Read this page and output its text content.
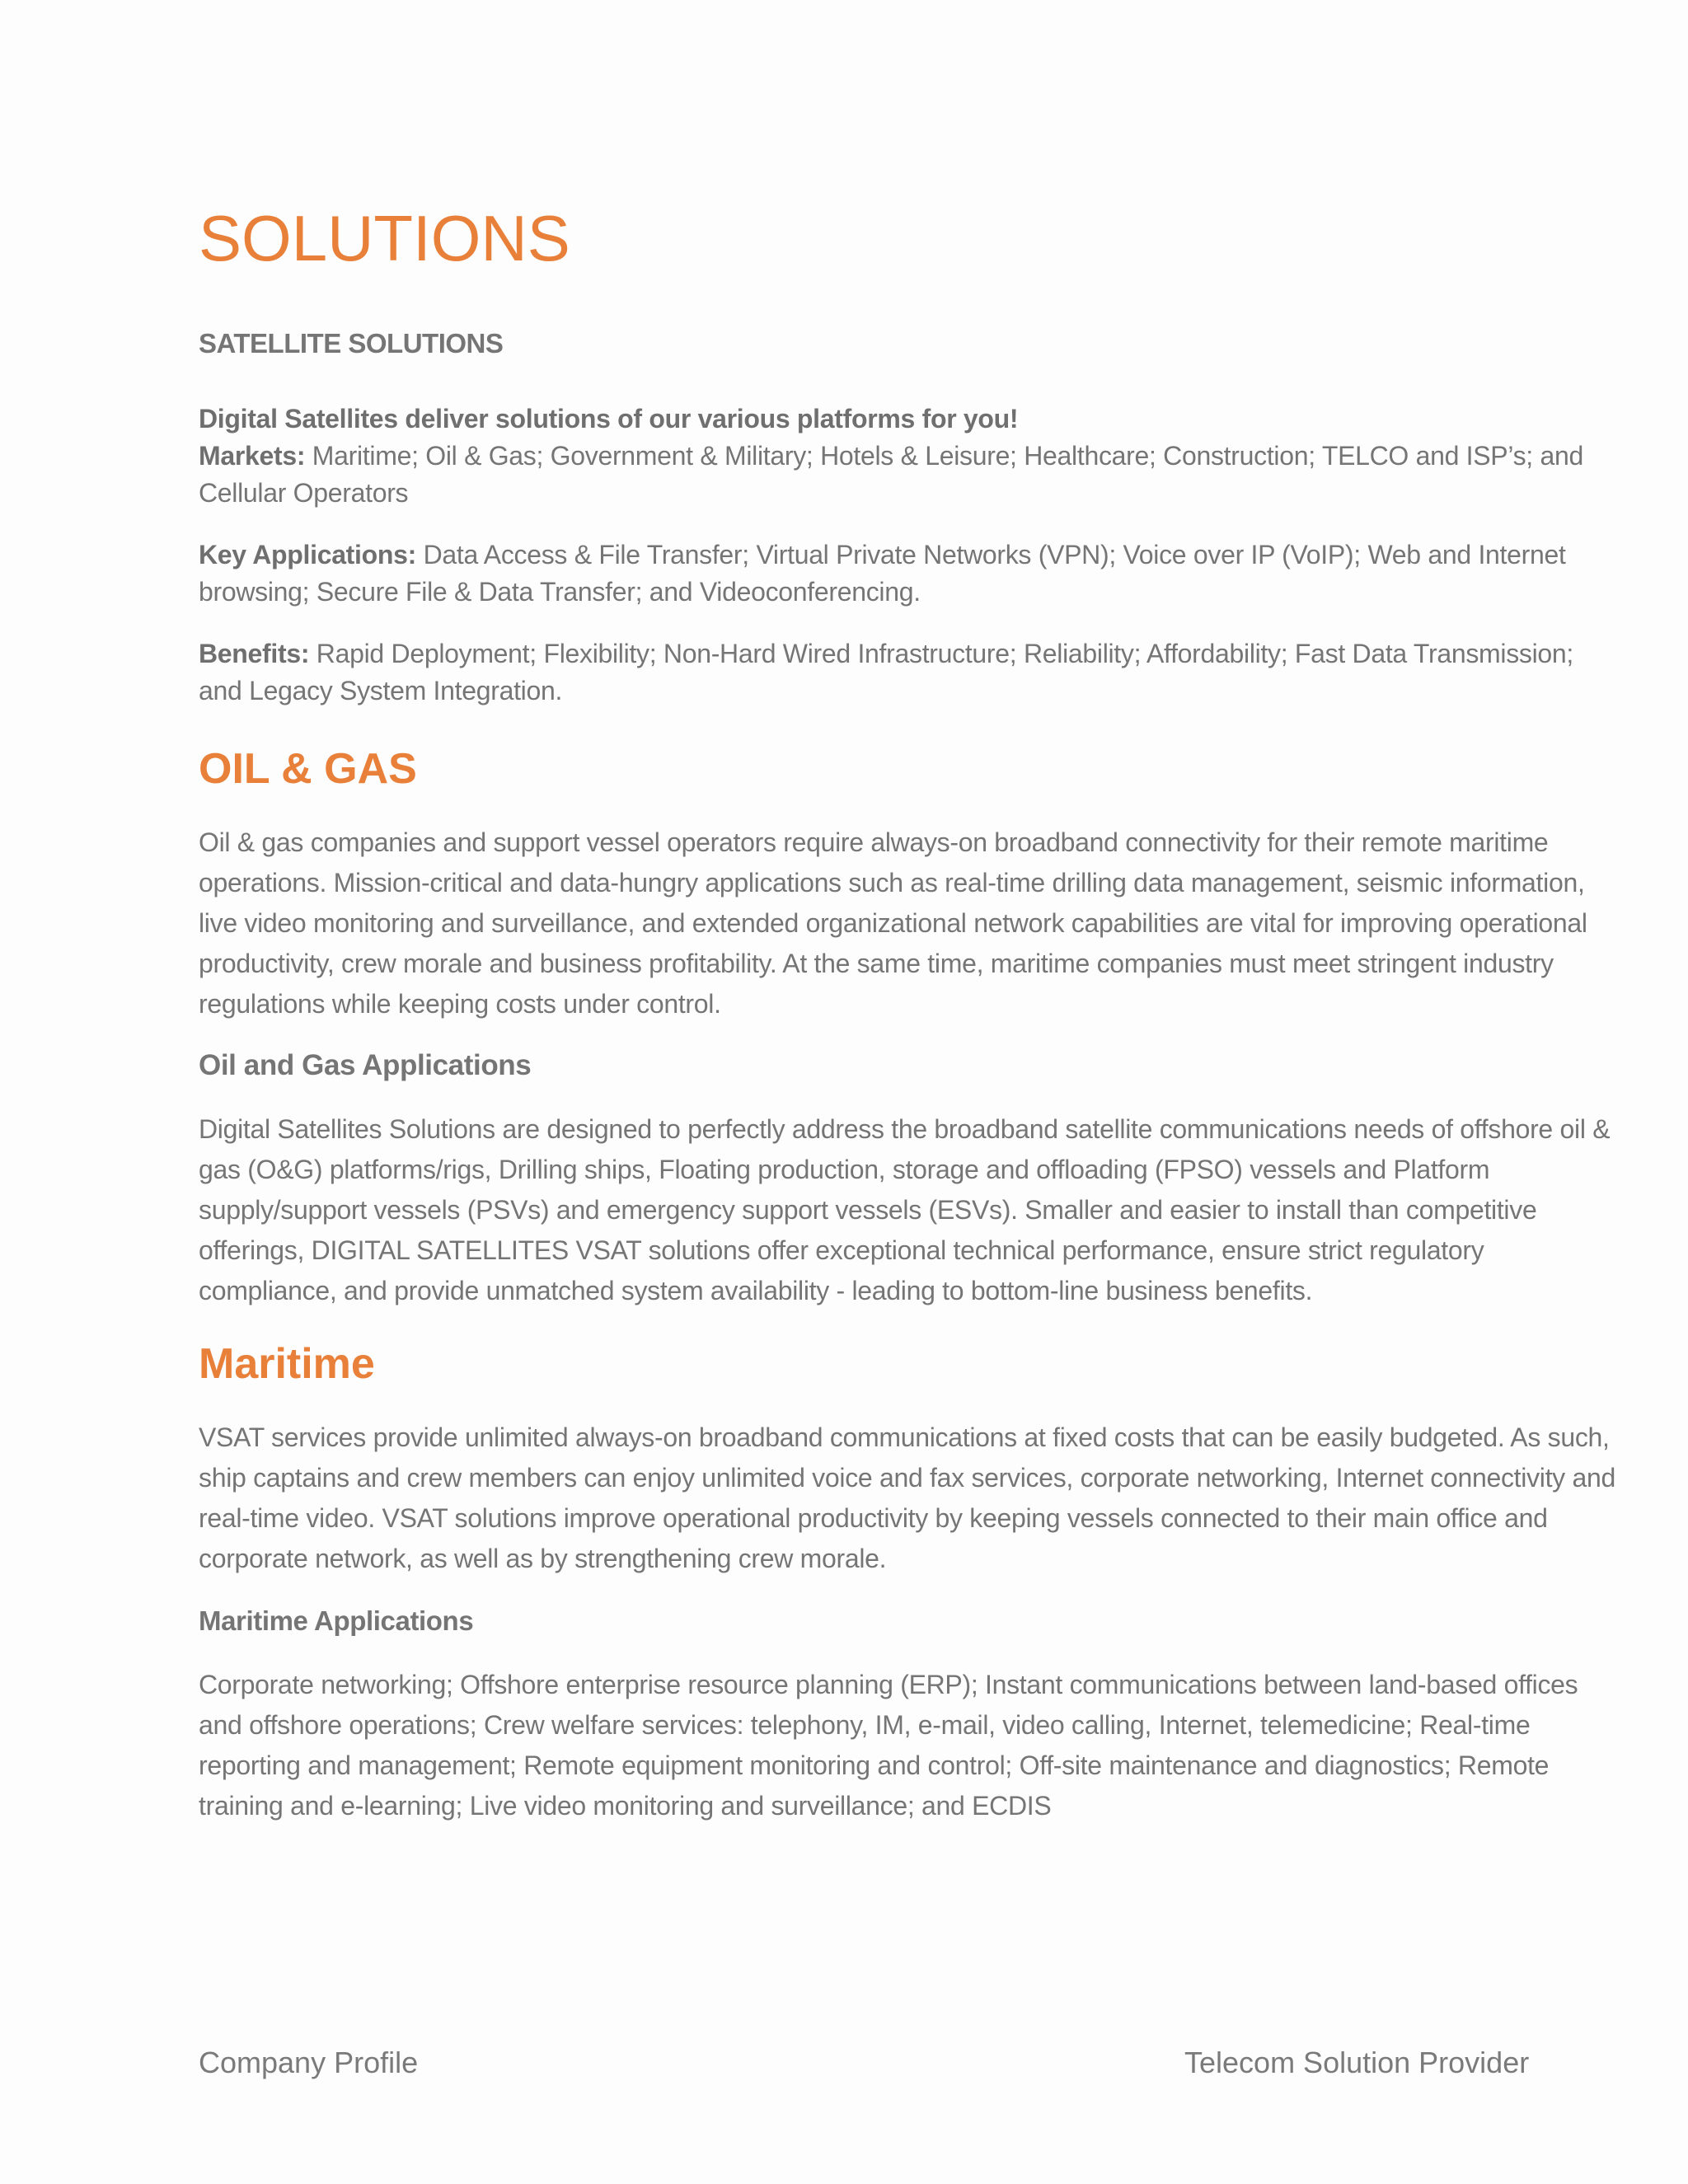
SOLUTIONS
SATELLITE SOLUTIONS

Digital Satellites deliver solutions of our various platforms for you!
Markets: Maritime; Oil & Gas; Government & Military; Hotels & Leisure; Healthcare; Construction; TELCO and ISP’s; and Cellular Operators

Key Applications: Data Access & File Transfer; Virtual Private Networks (VPN); Voice over IP (VoIP); Web and Internet browsing; Secure File & Data Transfer; and Videoconferencing.

Benefits: Rapid Deployment; Flexibility; Non-Hard Wired Infrastructure; Reliability; Affordability; Fast Data Transmission; and Legacy System Integration.

OIL & GAS

Oil & gas companies and support vessel operators require always-on broadband connectivity for their remote maritime operations. Mission-critical and data-hungry applications such as real-time drilling data management, seismic information, live video monitoring and surveillance, and extended organizational network capabilities are vital for improving operational productivity, crew morale and business profitability. At the same time, maritime companies must meet stringent industry regulations while keeping costs under control.

Oil and Gas Applications

Digital Satellites Solutions are designed to perfectly address the broadband satellite communications needs of offshore oil & gas (O&G) platforms/rigs, Drilling ships, Floating production, storage and offloading (FPSO) vessels and Platform supply/support vessels (PSVs) and emergency support vessels (ESVs). Smaller and easier to install than competitive offerings, DIGITAL SATELLITES VSAT solutions offer exceptional technical performance, ensure strict regulatory compliance, and provide unmatched system availability - leading to bottom-line business benefits.

Maritime

VSAT services provide unlimited always-on broadband communications at fixed costs that can be easily budgeted. As such, ship captains and crew members can enjoy unlimited voice and fax services, corporate networking, Internet connectivity and real-time video. VSAT solutions improve operational productivity by keeping vessels connected to their main office and corporate network, as well as by strengthening crew morale.

Maritime Applications

Corporate networking; Offshore enterprise resource planning (ERP); Instant communications between land-based offices and offshore operations; Crew welfare services: telephony, IM, e-mail, video calling, Internet, telemedicine; Real-time reporting and management; Remote equipment monitoring and control; Off-site maintenance and diagnostics; Remote training and e-learning; Live video monitoring and surveillance; and ECDIS

Company Profile	Telecom Solution Provider
